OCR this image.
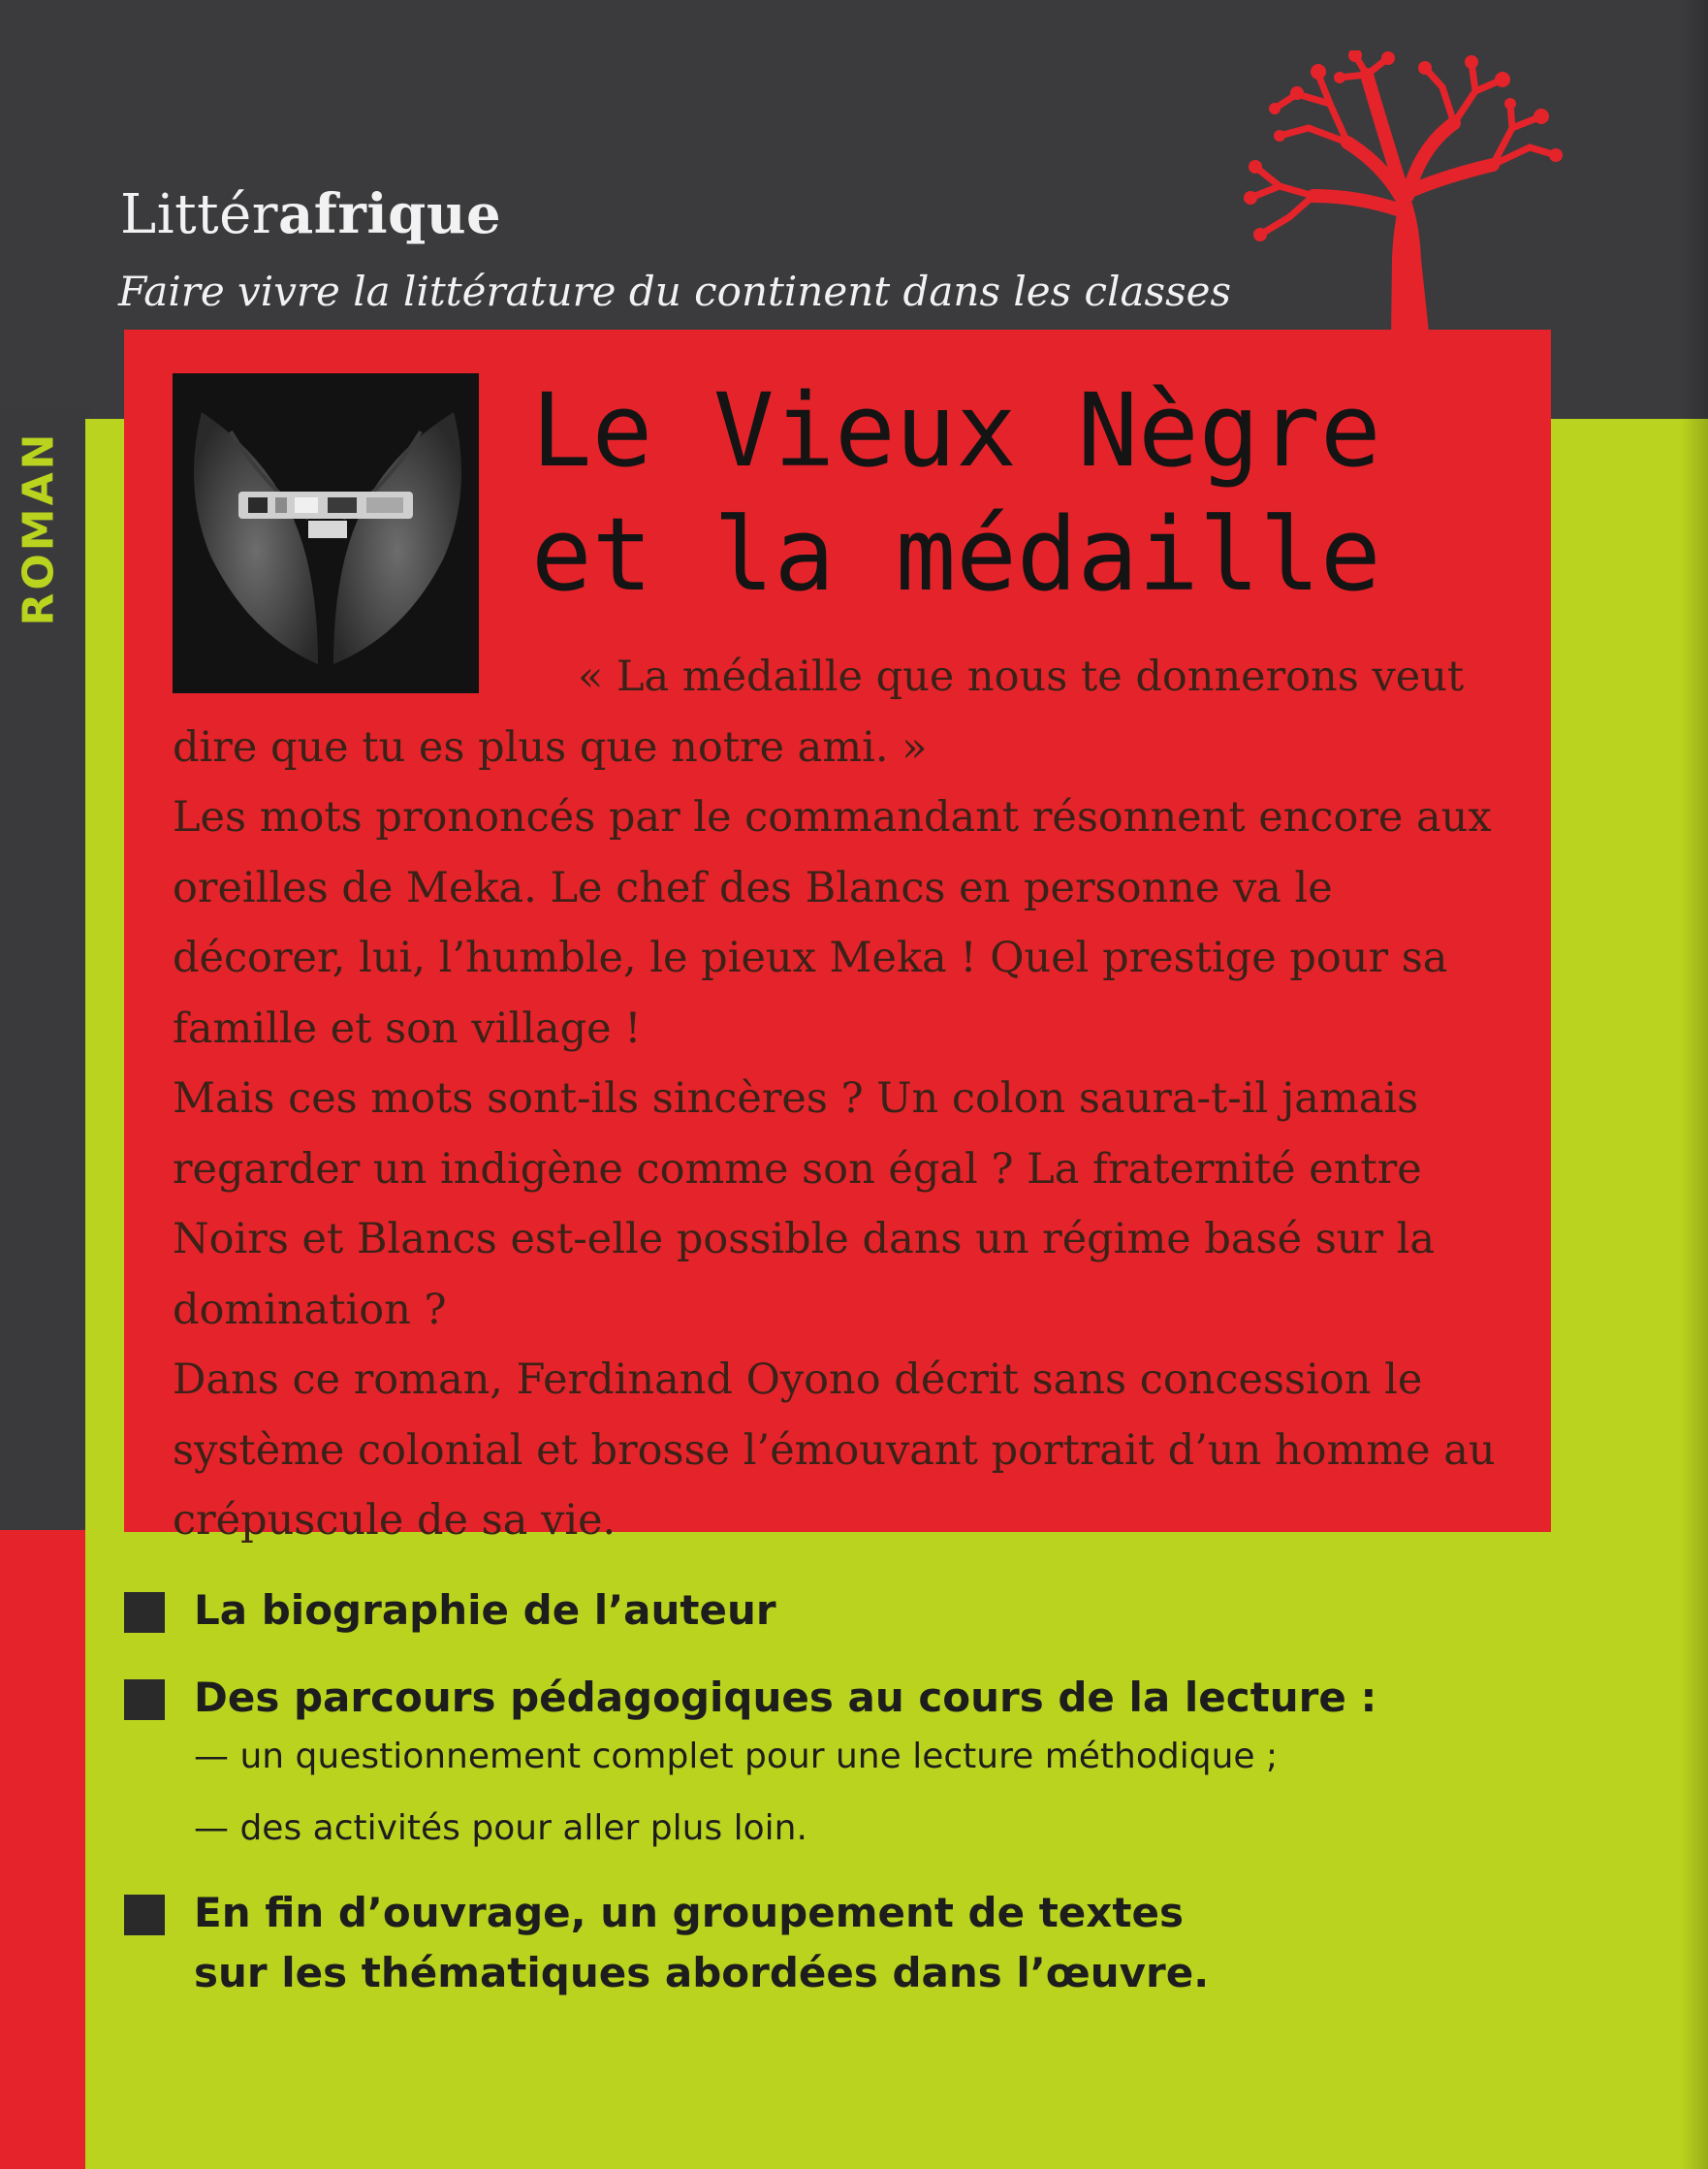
Littérafrique

Faire vivre la littérature du continent dans les classes

ROMAN
Le Vieux Nègre
et la médaille

« La médaille que nous te donnerons veut

dire que tu es plus que notre ami. »

Les mots prononcés par le commandant résonnent encore aux oreilles de Meka. Le chef des Blancs en personne va le décorer, lui, l’humble, le pieux Meka ! Quel prestige pour sa famille et son village !

Mais ces mots sont-ils sincères ? Un colon saura-t-il jamais regarder un indigène comme son égal ? La fraternité entre Noirs et Blancs est-elle possible dans un régime basé sur la domination ?

Dans ce roman, Ferdinand Oyono décrit sans concession le système colonial et brosse l’émouvant portrait d’un homme au crépuscule de sa vie.

La biographie de l’auteur

Des parcours pédagogiques au cours de la lecture :

— un questionnement complet pour une lecture méthodique ;

— des activités pour aller plus loin.

En fin d’ouvrage, un groupement de textes

sur les thématiques abordées dans l’œuvre.
